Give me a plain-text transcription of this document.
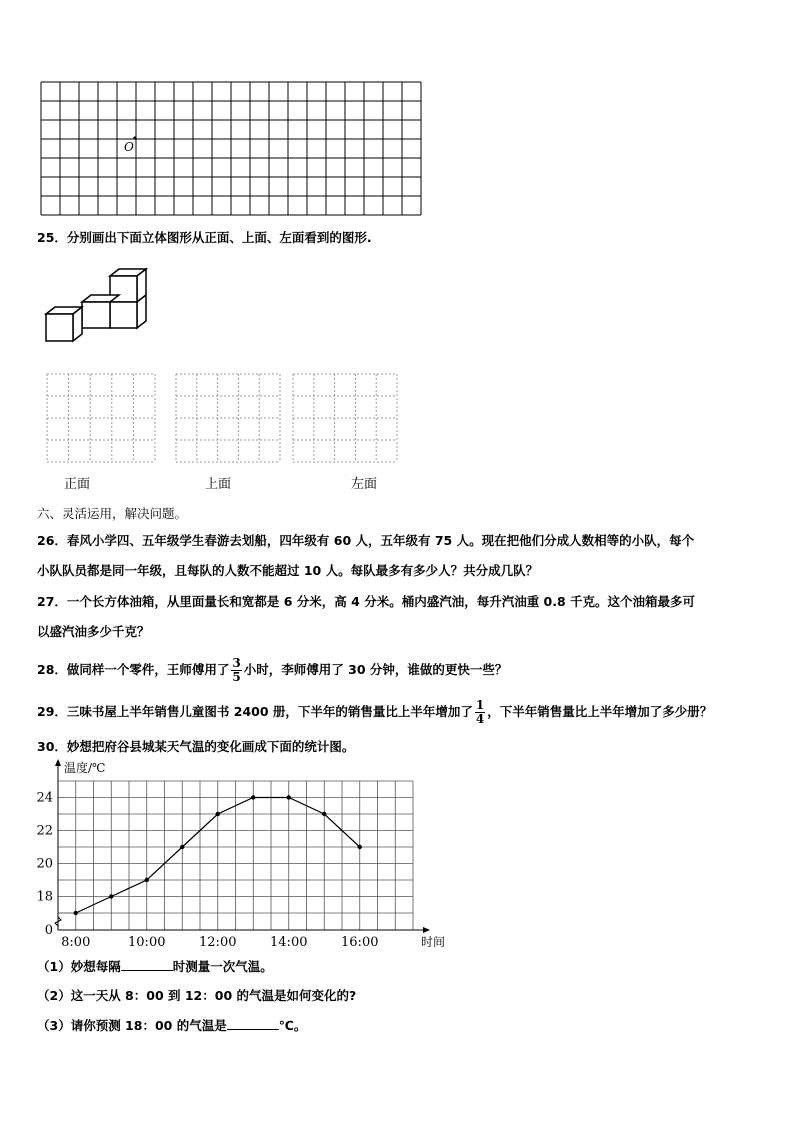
O
25．分别画出下面立体图形从正面、上面、左面看到的图形.
正面	上面	左面
六、灵活运用，解决问题。
26．春风小学四、五年级学生春游去划船，四年级有 60 人，五年级有 75 人。现在把他们分成人数相等的小队，每个
小队队员都是同一年级，且每队的人数不能超过 10 人。每队最多有多少人？共分成几队？
27．一个长方体油箱，从里面量长和宽都是 6 分米，高 4 分米。桶内盛汽油，每升汽油重 0.8 千克。这个油箱最多可
以盛汽油多少千克？
28．做同样一个零件，王师傅用了 $\frac{3}{5}$ 小时，李师傅用了 30 分钟，谁做的更快一些？
29．三味书屋上半年销售儿童图书 2400 册，下半年的销售量比上半年增加了 $\frac{1}{4}$ ，下半年销售量比上半年增加了多少册？
30．妙想把府谷县城某天气温的变化画成下面的统计图。
温度/℃
时间
0
18
20
22
24
8:00	10:00	12:00	14:00	16:00
（1）妙想每隔	时测量一次气温。
（2）这一天从 8：00 到 12：00 的气温是如何变化的?
（3）请你预测 18：00 的气温是	℃。
